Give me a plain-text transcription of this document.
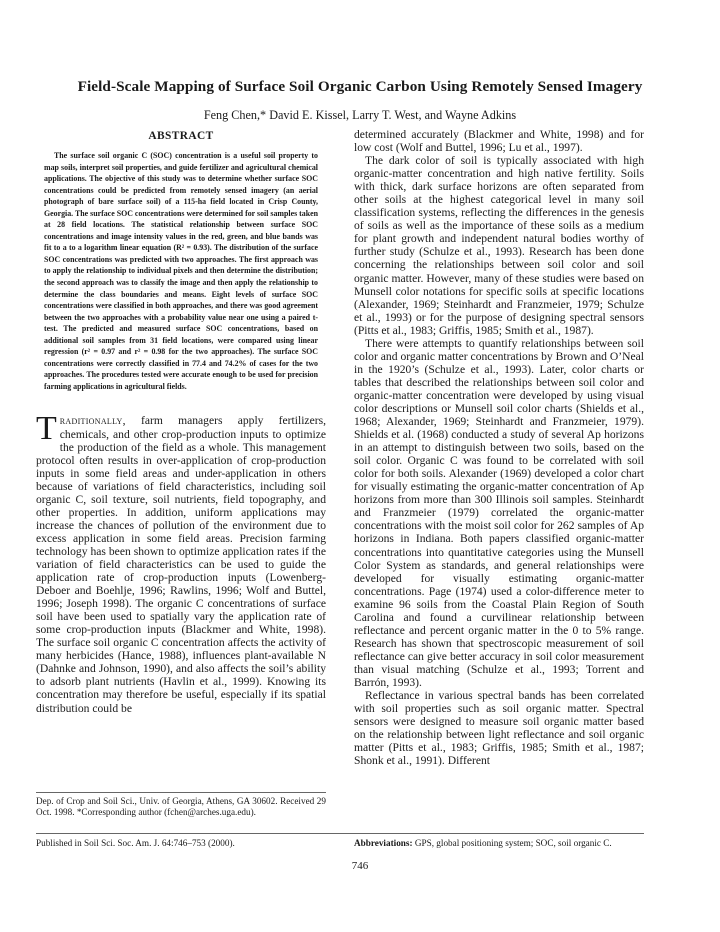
Field-Scale Mapping of Surface Soil Organic Carbon Using Remotely Sensed Imagery
Feng Chen,* David E. Kissel, Larry T. West, and Wayne Adkins
ABSTRACT

The surface soil organic C (SOC) concentration is a useful soil property to map soils, interpret soil properties, and guide fertilizer and agricultural chemical applications. The objective of this study was to determine whether surface SOC concentrations could be predicted from remotely sensed imagery (an aerial photograph of bare surface soil) of a 115-ha field located in Crisp County, Georgia. The surface SOC concentrations were determined for soil samples taken at 28 field locations. The statistical relationship between surface SOC concentrations and image intensity values in the red, green, and blue bands was fit to a to a logarithm linear equation (R² = 0.93). The distribution of the surface SOC concentrations was predicted with two approaches. The first approach was to apply the relationship to individual pixels and then determine the distribution; the second approach was to classify the image and then apply the relationship to determine the class boundaries and means. Eight levels of surface SOC concentrations were classified in both approaches, and there was good agreement between the two approaches with a probability value near one using a paired t-test. The predicted and measured surface SOC concentrations, based on additional soil samples from 31 field locations, were compared using linear regression (r² = 0.97 and r² = 0.98 for the two approaches). The surface SOC concentrations were correctly classified in 77.4 and 74.2% of cases for the two approaches. The procedures tested were accurate enough to be used for precision farming applications in agricultural fields.

Traditionally, farm managers apply fertilizers, chemicals, and other crop-production inputs to optimize the production of the field as a whole. This management protocol often results in over-application of crop-production inputs in some field areas and under-application in others because of variations of field characteristics, including soil organic C, soil texture, soil nutrients, field topography, and other properties. In addition, uniform applications may increase the chances of pollution of the environment due to excess application in some field areas. Precision farming technology has been shown to optimize application rates if the variation of field characteristics can be used to guide the application rate of crop-production inputs (Lowenberg-Deboer and Boehlje, 1996; Rawlins, 1996; Wolf and Buttel, 1996; Joseph 1998). The organic C concentrations of surface soil have been used to spatially vary the application rate of some crop-production inputs (Blackmer and White, 1998). The surface soil organic C concentration affects the activity of many herbicides (Hance, 1988), influences plant-available N (Dahnke and Johnson, 1990), and also affects the soil’s ability to adsorb plant nutrients (Havlin et al., 1999). Knowing its concentration may therefore be useful, especially if its spatial distribution could be

determined accurately (Blackmer and White, 1998) and for low cost (Wolf and Buttel, 1996; Lu et al., 1997).

The dark color of soil is typically associated with high organic-matter concentration and high native fertility. Soils with thick, dark surface horizons are often separated from other soils at the highest categorical level in many soil classification systems, reflecting the differences in the genesis of soils as well as the importance of these soils as a medium for plant growth and independent natural bodies worthy of further study (Schulze et al., 1993). Research has been done concerning the relationships between soil color and soil organic matter. However, many of these studies were based on Munsell color notations for specific soils at specific locations (Alexander, 1969; Steinhardt and Franzmeier, 1979; Schulze et al., 1993) or for the purpose of designing spectral sensors (Pitts et al., 1983; Griffis, 1985; Smith et al., 1987).

There were attempts to quantify relationships between soil color and organic matter concentrations by Brown and O’Neal in the 1920’s (Schulze et al., 1993). Later, color charts or tables that described the relationships between soil color and organic-matter concentration were developed by using visual color descriptions or Munsell soil color charts (Shields et al., 1968; Alexander, 1969; Steinhardt and Franzmeier, 1979). Shields et al. (1968) conducted a study of several Ap horizons in an attempt to distinguish between two soils, based on the soil color. Organic C was found to be correlated with soil color for both soils. Alexander (1969) developed a color chart for visually estimating the organic-matter concentration of Ap horizons from more than 300 Illinois soil samples. Steinhardt and Franzmeier (1979) correlated the organic-matter concentrations with the moist soil color for 262 samples of Ap horizons in Indiana. Both papers classified organic-matter concentrations into quantitative categories using the Munsell Color System as standards, and general relationships were developed for visually estimating organic-matter concentrations. Page (1974) used a color-difference meter to examine 96 soils from the Coastal Plain Region of South Carolina and found a curvilinear relationship between reflectance and percent organic matter in the 0 to 5% range. Research has shown that spectroscopic measurement of soil reflectance can give better accuracy in soil color measurement than visual matching (Schulze et al., 1993; Torrent and Barrón, 1993).

Reflectance in various spectral bands has been correlated with soil properties such as soil organic matter. Spectral sensors were designed to measure soil organic matter based on the relationship between light reflectance and soil organic matter (Pitts et al., 1983; Griffis, 1985; Smith et al., 1987; Shonk et al., 1991). Different

Dep. of Crop and Soil Sci., Univ. of Georgia, Athens, GA 30602. Received 29 Oct. 1998. *Corresponding author (fchen@arches.uga.edu).
Published in Soil Sci. Soc. Am. J. 64:746–753 (2000).	Abbreviations: GPS, global positioning system; SOC, soil organic C.
746
